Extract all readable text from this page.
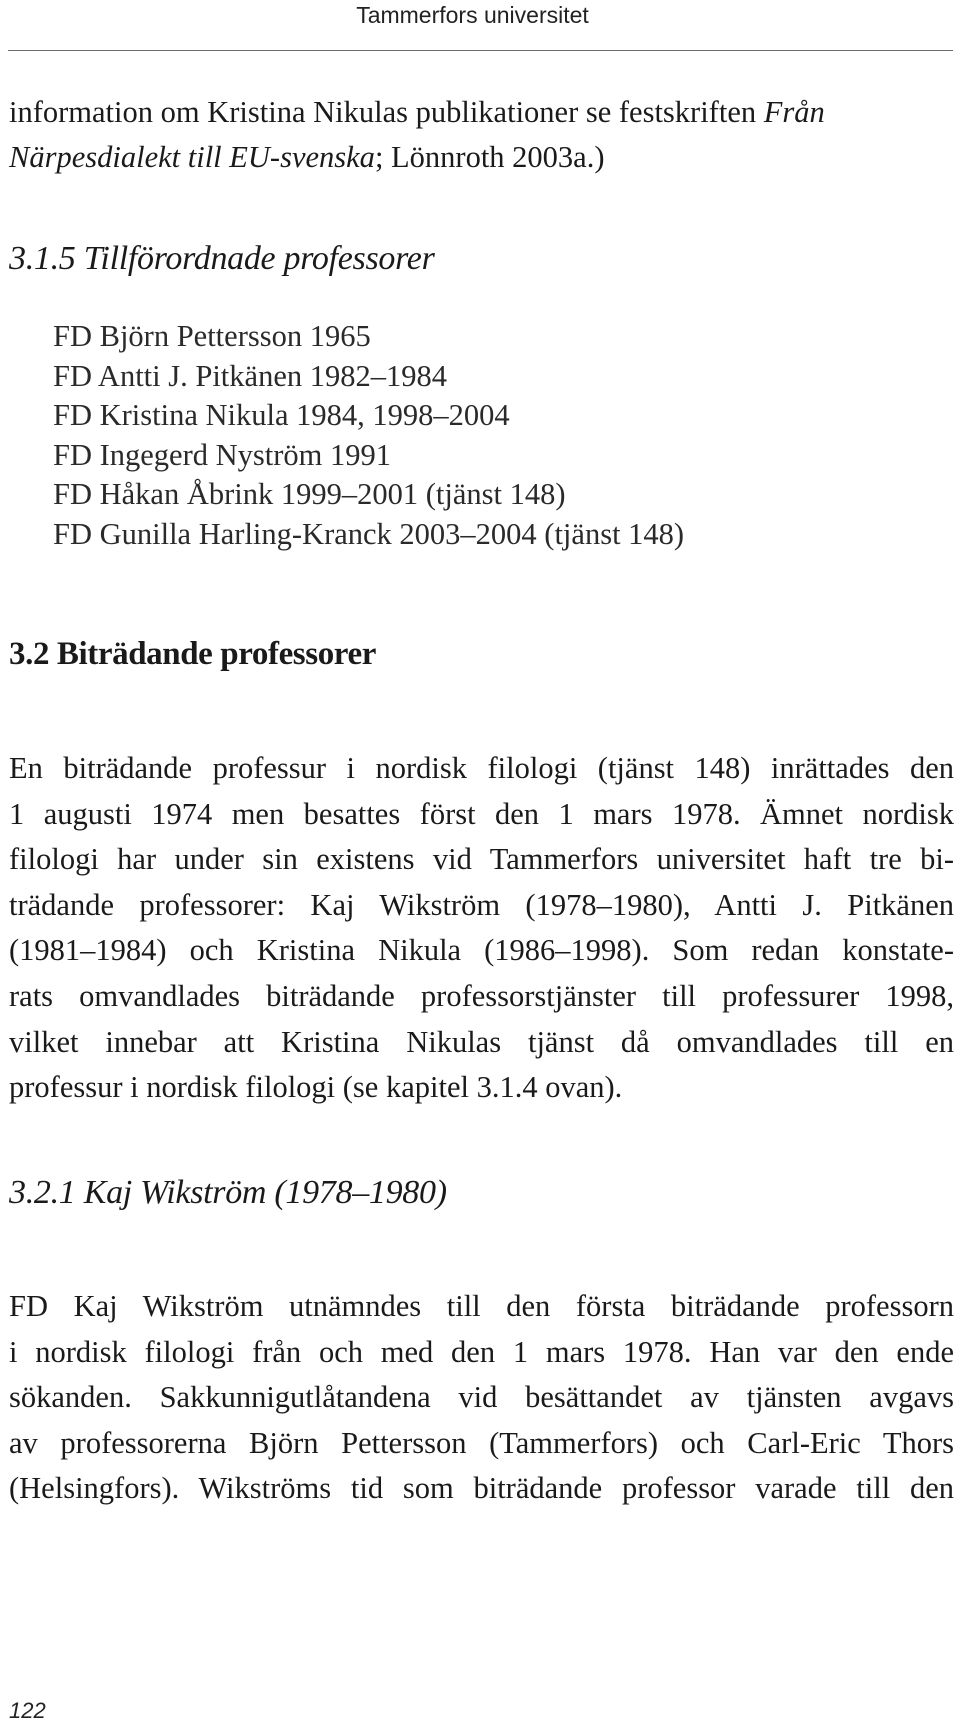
Tammerfors universitet
information om Kristina Nikulas publikationer se festskriften Från
Närpesdialekt till EU-svenska; Lönnroth 2003a.)
3.1.5 Tillförordnade professorer
FD Björn Pettersson 1965
FD Antti J. Pitkänen 1982–1984
FD Kristina Nikula 1984, 1998–2004
FD Ingegerd Nyström 1991
FD Håkan Åbrink 1999–2001 (tjänst 148)
FD Gunilla Harling-Kranck 2003–2004 (tjänst 148)
3.2 Biträdande professorer
En biträdande professur i nordisk filologi (tjänst 148) inrättades den
1 augusti 1974 men besattes först den 1 mars 1978. Ämnet nordisk
filologi har under sin existens vid Tammerfors universitet haft tre bi-
trädande professorer: Kaj Wikström (1978–1980), Antti J. Pitkänen
(1981–1984) och Kristina Nikula (1986–1998). Som redan konstate-
rats omvandlades biträdande professorstjänster till professurer 1998,
vilket innebar att Kristina Nikulas tjänst då omvandlades till en
professur i nordisk filologi (se kapitel 3.1.4 ovan).
3.2.1 Kaj Wikström (1978–1980)
FD Kaj Wikström utnämndes till den första biträdande professorn
i nordisk filologi från och med den 1 mars 1978. Han var den ende
sökanden. Sakkunnigutlåtandena vid besättandet av tjänsten avgavs
av professorerna Björn Pettersson (Tammerfors) och Carl-Eric Thors
(Helsingfors). Wikströms tid som biträdande professor varade till den
122
